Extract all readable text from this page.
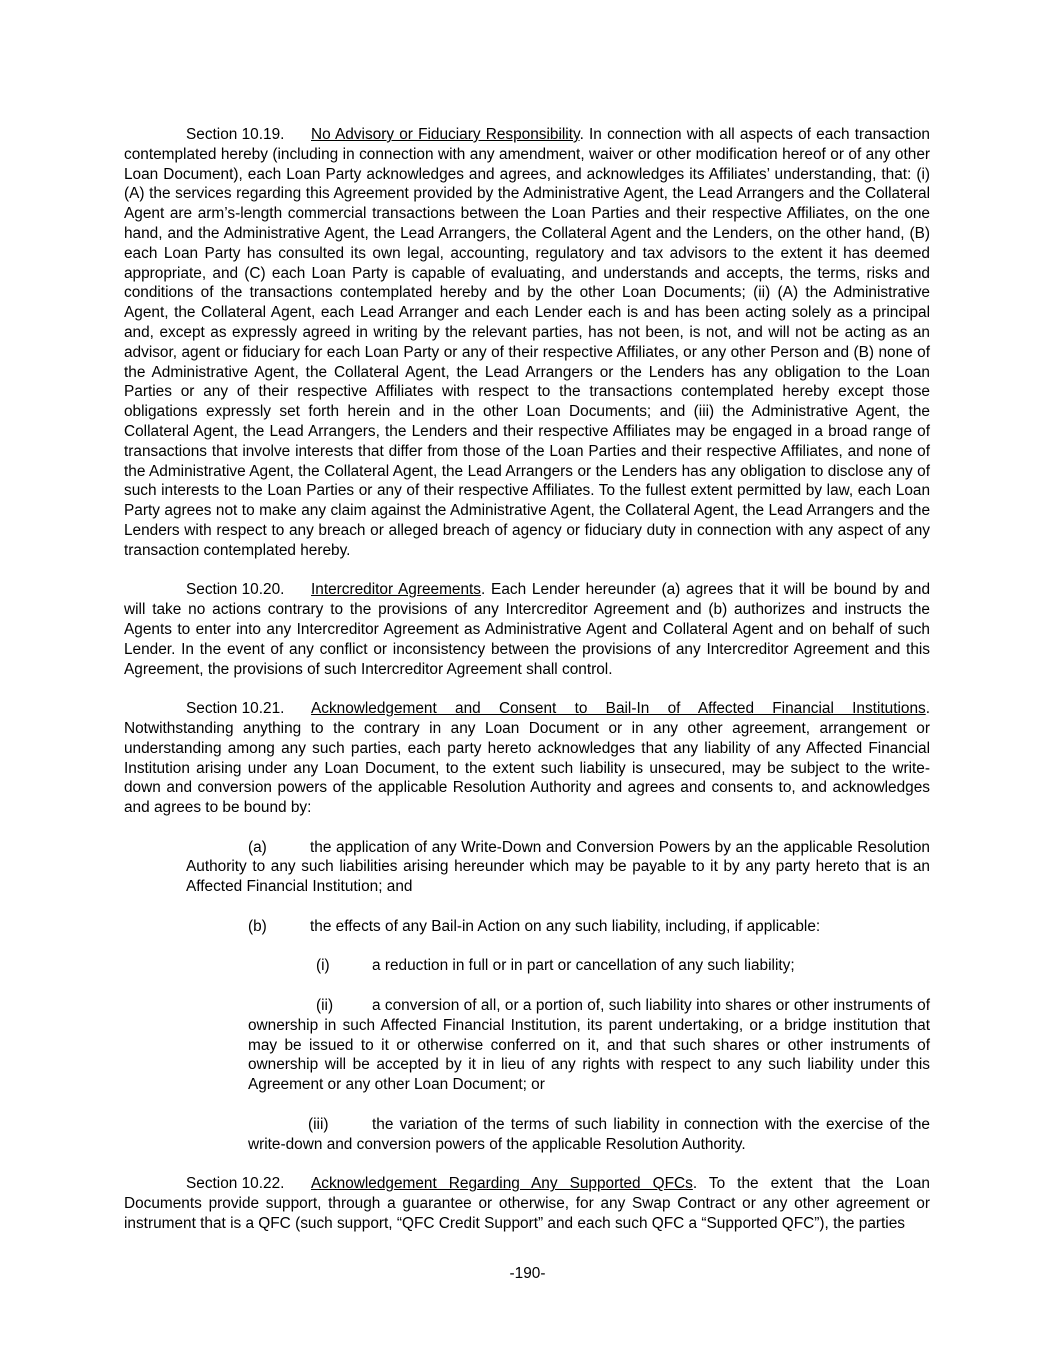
Section 10.19. No Advisory or Fiduciary Responsibility. In connection with all aspects of each transaction contemplated hereby (including in connection with any amendment, waiver or other modification hereof or of any other Loan Document), each Loan Party acknowledges and agrees, and acknowledges its Affiliates’ understanding, that: (i) (A) the services regarding this Agreement provided by the Administrative Agent, the Lead Arrangers and the Collateral Agent are arm’s-length commercial transactions between the Loan Parties and their respective Affiliates, on the one hand, and the Administrative Agent, the Lead Arrangers, the Collateral Agent and the Lenders, on the other hand, (B) each Loan Party has consulted its own legal, accounting, regulatory and tax advisors to the extent it has deemed appropriate, and (C) each Loan Party is capable of evaluating, and understands and accepts, the terms, risks and conditions of the transactions contemplated hereby and by the other Loan Documents; (ii) (A) the Administrative Agent, the Collateral Agent, each Lead Arranger and each Lender each is and has been acting solely as a principal and, except as expressly agreed in writing by the relevant parties, has not been, is not, and will not be acting as an advisor, agent or fiduciary for each Loan Party or any of their respective Affiliates, or any other Person and (B) none of the Administrative Agent, the Collateral Agent, the Lead Arrangers or the Lenders has any obligation to the Loan Parties or any of their respective Affiliates with respect to the transactions contemplated hereby except those obligations expressly set forth herein and in the other Loan Documents; and (iii) the Administrative Agent, the Collateral Agent, the Lead Arrangers, the Lenders and their respective Affiliates may be engaged in a broad range of transactions that involve interests that differ from those of the Loan Parties and their respective Affiliates, and none of the Administrative Agent, the Collateral Agent, the Lead Arrangers or the Lenders has any obligation to disclose any of such interests to the Loan Parties or any of their respective Affiliates. To the fullest extent permitted by law, each Loan Party agrees not to make any claim against the Administrative Agent, the Collateral Agent, the Lead Arrangers and the Lenders with respect to any breach or alleged breach of agency or fiduciary duty in connection with any aspect of any transaction contemplated hereby.

Section 10.20. Intercreditor Agreements. Each Lender hereunder (a) agrees that it will be bound by and will take no actions contrary to the provisions of any Intercreditor Agreement and (b) authorizes and instructs the Agents to enter into any Intercreditor Agreement as Administrative Agent and Collateral Agent and on behalf of such Lender. In the event of any conflict or inconsistency between the provisions of any Intercreditor Agreement and this Agreement, the provisions of such Intercreditor Agreement shall control.

Section 10.21. Acknowledgement and Consent to Bail-In of Affected Financial Institutions. Notwithstanding anything to the contrary in any Loan Document or in any other agreement, arrangement or understanding among any such parties, each party hereto acknowledges that any liability of any Affected Financial Institution arising under any Loan Document, to the extent such liability is unsecured, may be subject to the write-down and conversion powers of the applicable Resolution Authority and agrees and consents to, and acknowledges and agrees to be bound by:

(a)	the application of any Write-Down and Conversion Powers by an the applicable Resolution Authority to any such liabilities arising hereunder which may be payable to it by any party hereto that is an Affected Financial Institution; and

(b)	the effects of any Bail-in Action on any such liability, including, if applicable:

(i)	a reduction in full or in part or cancellation of any such liability;

(ii)	a conversion of all, or a portion of, such liability into shares or other instruments of ownership in such Affected Financial Institution, its parent undertaking, or a bridge institution that may be issued to it or otherwise conferred on it, and that such shares or other instruments of ownership will be accepted by it in lieu of any rights with respect to any such liability under this Agreement or any other Loan Document; or

(iii)	the variation of the terms of such liability in connection with the exercise of the write-down and conversion powers of the applicable Resolution Authority.

Section 10.22. Acknowledgement Regarding Any Supported QFCs. To the extent that the Loan Documents provide support, through a guarantee or otherwise, for any Swap Contract or any other agreement or instrument that is a QFC (such support, “QFC Credit Support” and each such QFC a “Supported QFC”), the parties

-190-
